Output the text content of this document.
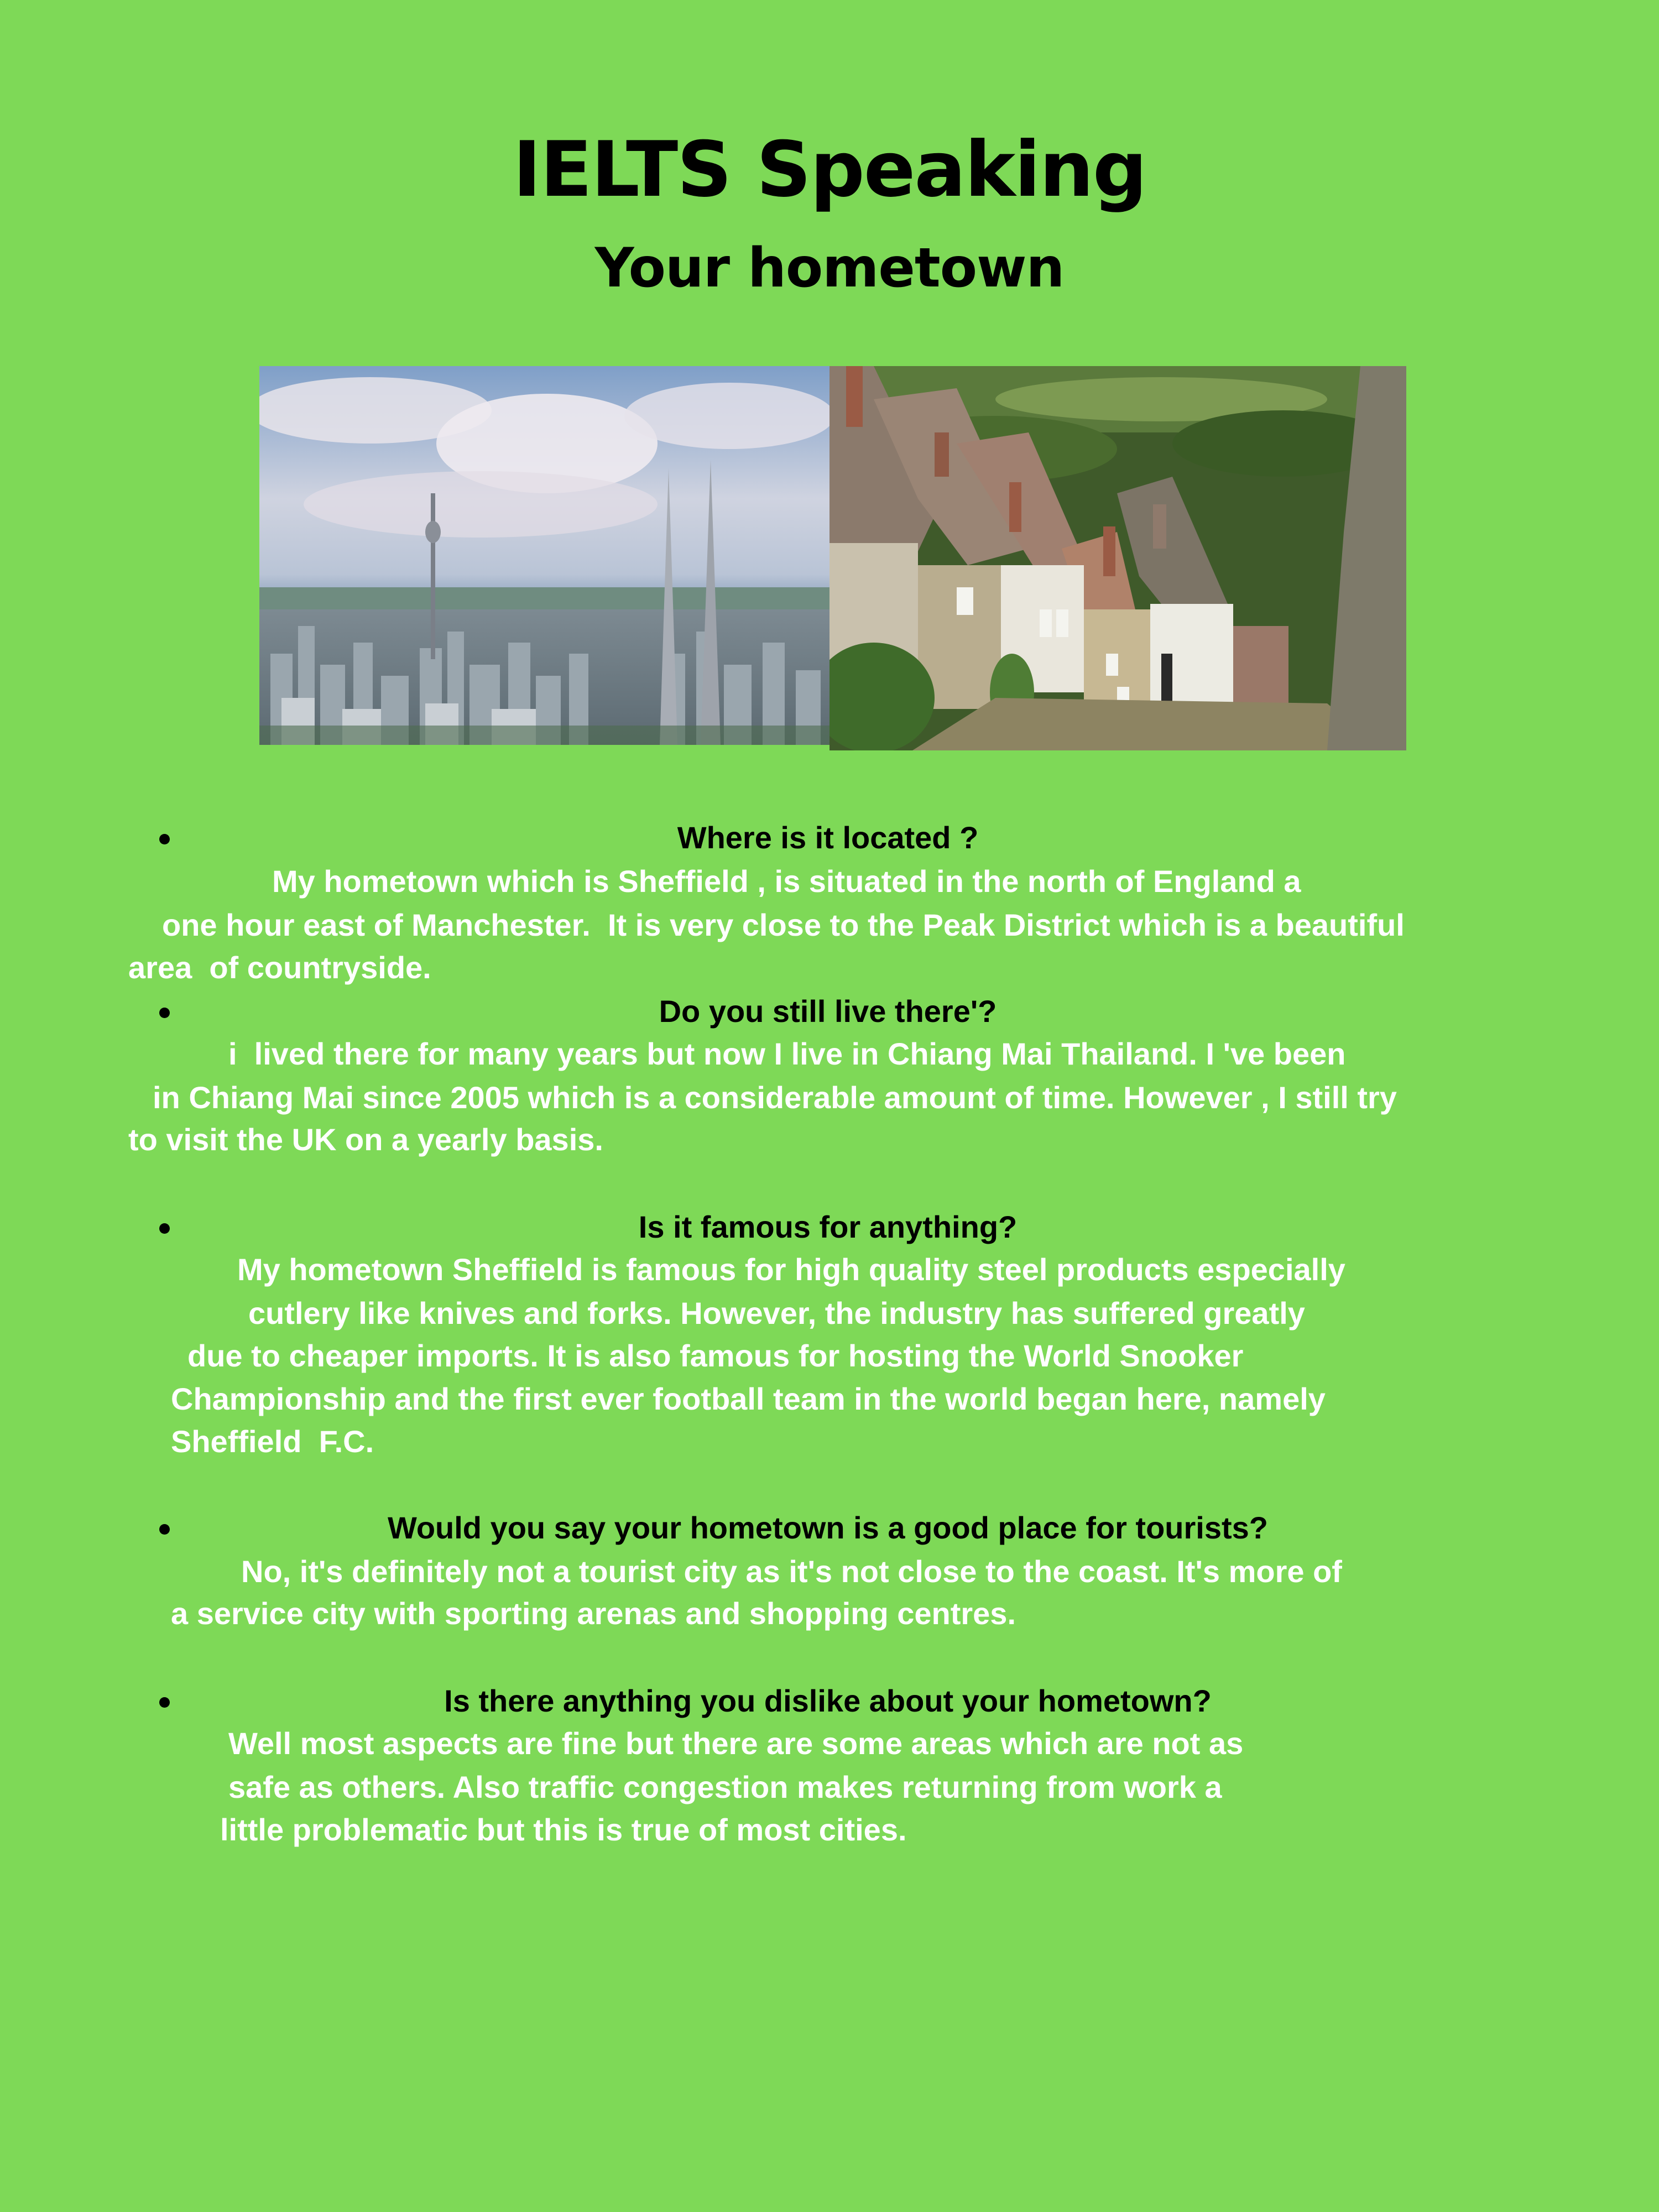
IELTS Speaking
Your hometown

Where is it located ?

My hometown which is Sheffield , is situated in the north of England a

one hour east of Manchester.  It is very close to the Peak District which is a beautiful

area  of countryside.

Do you still live there'?

i  lived there for many years but now I live in Chiang Mai Thailand. I 've been

in Chiang Mai since 2005 which is a considerable amount of time. However , I still try

to visit the UK on a yearly basis.

Is it famous for anything?

My hometown Sheffield is famous for high quality steel products especially

cutlery like knives and forks. However, the industry has suffered greatly

due to cheaper imports. It is also famous for hosting the World Snooker

Championship and the first ever football team in the world began here, namely

Sheffield  F.C.

Would you say your hometown is a good place for tourists?

No, it's definitely not a tourist city as it's not close to the coast. It's more of

a service city with sporting arenas and shopping centres.

Is there anything you dislike about your hometown?

Well most aspects are fine but there are some areas which are not as

safe as others. Also traffic congestion makes returning from work a

little problematic but this is true of most cities.
